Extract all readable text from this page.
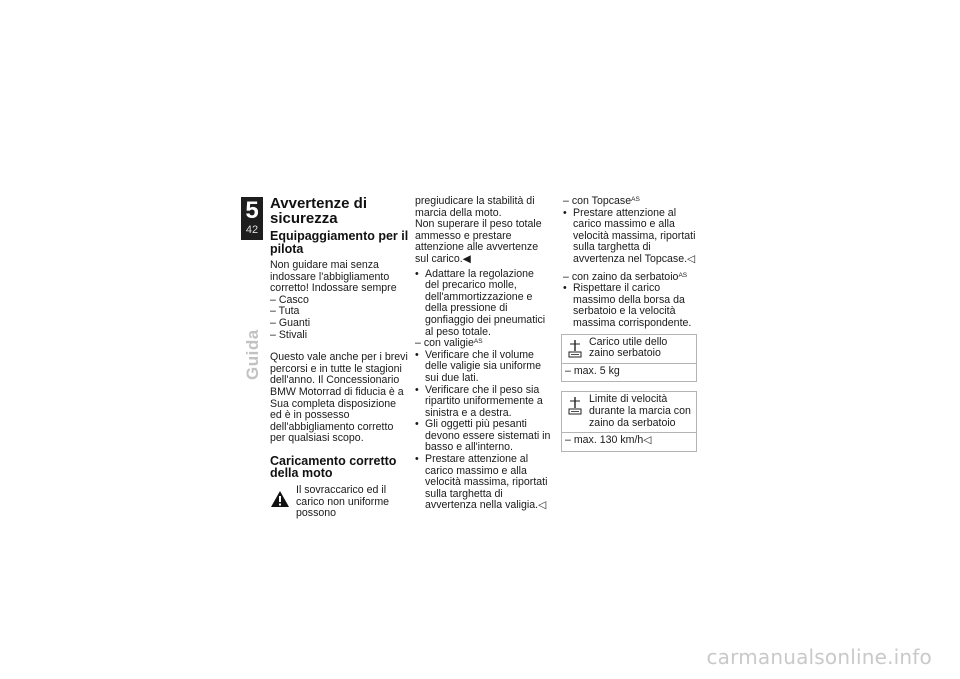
5
42
Guida
Avvertenze di sicurezza
Equipaggiamento per il pilota

Non guidare mai senza indossare l'abbigliamento corretto! Indossare sempre

– Casco

– Tuta

– Guanti

– Stivali

Questo vale anche per i brevi percorsi e in tutte le stagioni dell'anno. Il Concessionario BMW Motorrad di fiducia è a Sua completa disposizione ed è in possesso dell'abbigliamento corretto per qualsiasi scopo.

Caricamento corretto della moto

Il sovraccarico ed il carico non uniforme possono

pregiudicare la stabilità di marcia della moto.

Non superare il peso totale ammesso e prestare attenzione alle avvertenze sul carico.◀

• Adattare la regolazione del precarico molle, dell'ammortizzazione e della pressione di gonfiaggio dei pneumatici al peso totale.

– con valigie$^{AS}$

• Verificare che il volume delle valigie sia uniforme sui due lati.
• Verificare che il peso sia ripartito uniformemente a sinistra e a destra.
• Gli oggetti più pesanti devono essere sistemati in basso e all'interno.
• Prestare attenzione al carico massimo e alla velocità massima, riportati sulla targhetta di avvertenza nella valigia.◁

– con Topcase$^{AS}$

• Prestare attenzione al carico massimo e alla velocità massima, riportati sulla targhetta di avvertenza nel Topcase.◁

– con zaino da serbatoio$^{AS}$

• Rispettare il carico massimo della borsa da serbatoio e la velocità massima corrispondente.
Carico utile dello zaino serbatoio
– max. 5 kg
Limite di velocità durante la marcia con zaino da serbatoio
– max. 130 km/h◁
carmanualsonline.info
